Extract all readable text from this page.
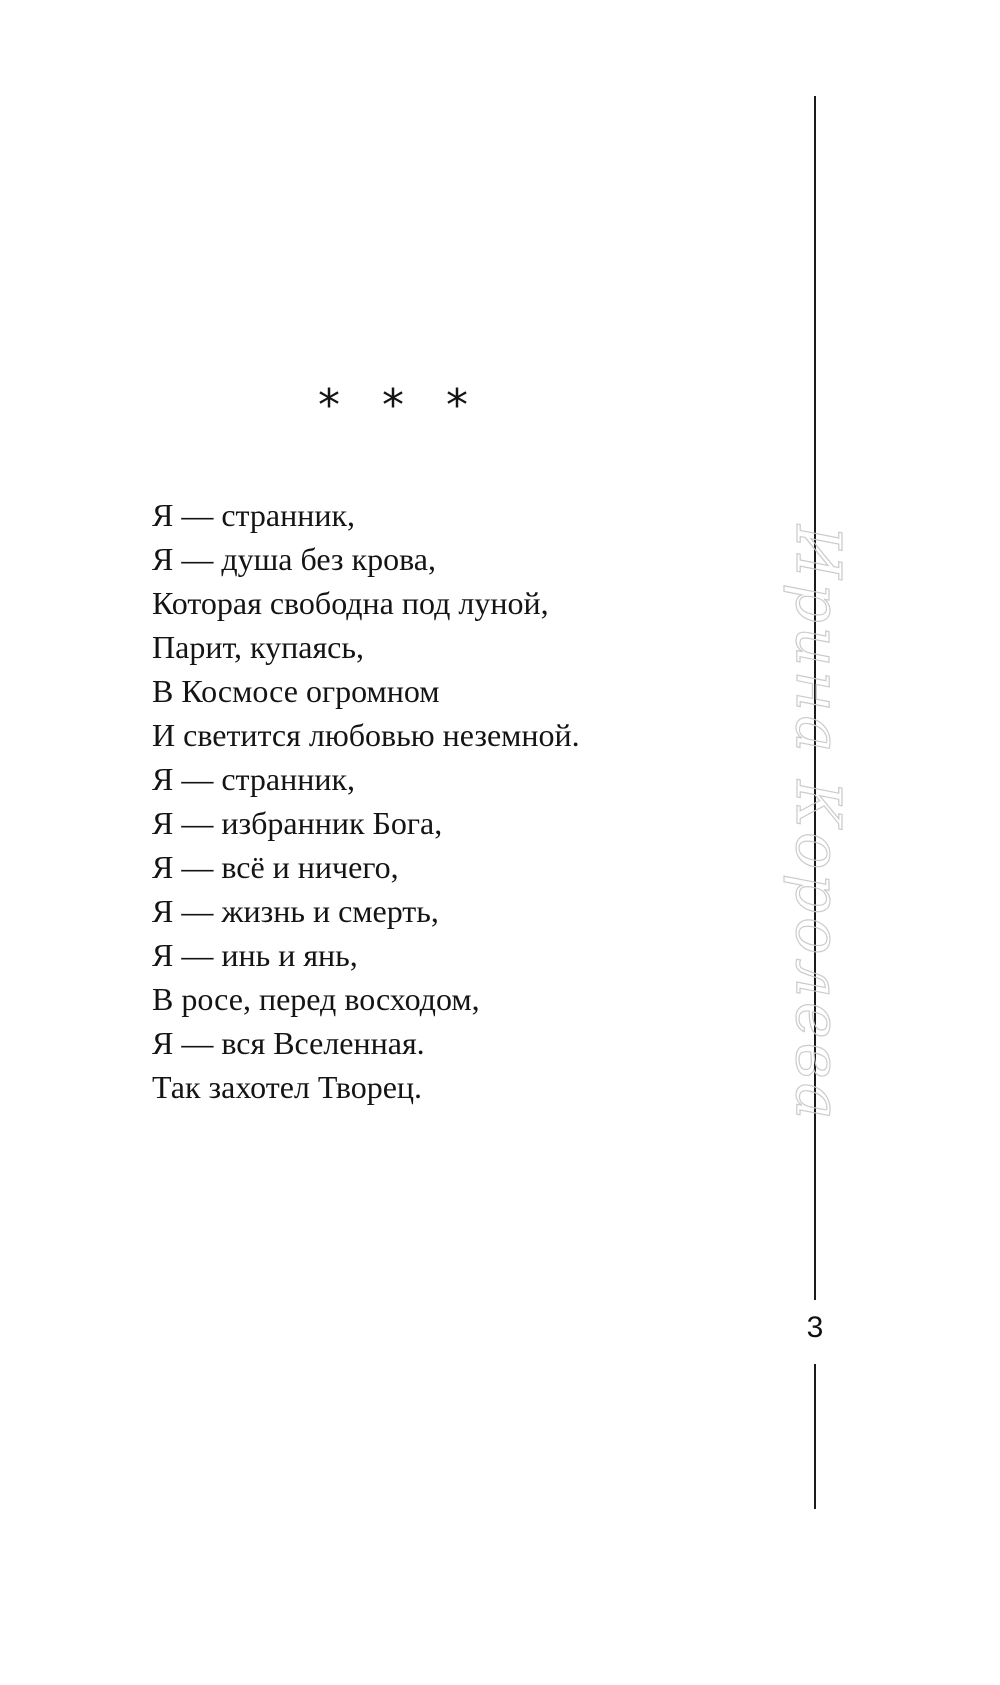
* * *
Я — странник,
Я — душа без крова,
Которая свободна под луной,
Парит, купаясь,
В Космосе огромном
И светится любовью неземной.
Я — странник,
Я — избранник Бога,
Я — всё и ничего,
Я — жизнь и смерть,
Я — инь и янь,
В росе, перед восходом,
Я — вся Вселенная.
Так захотел Творец.	Ирина Королева
3
